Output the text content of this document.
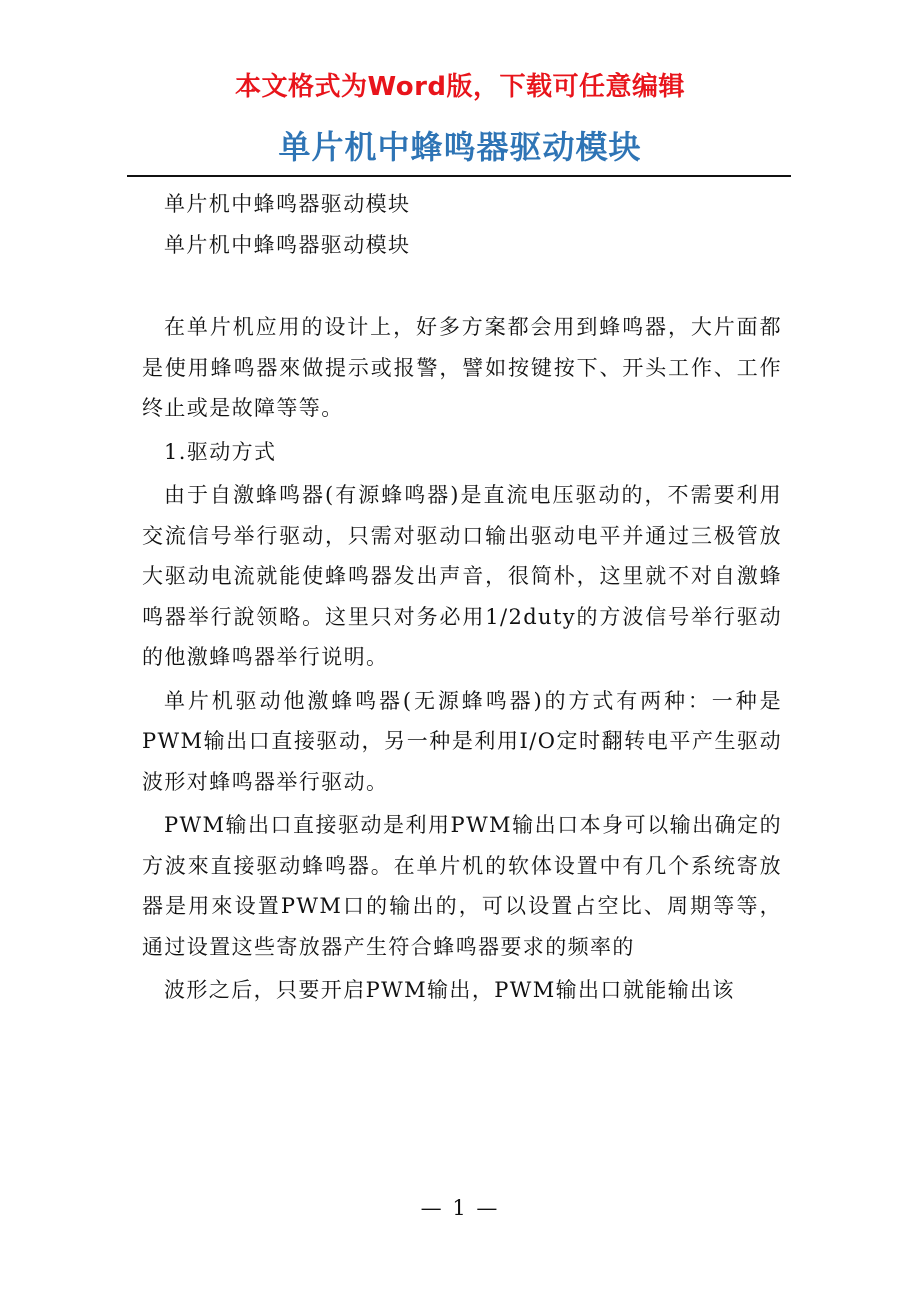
本文格式为Word版，下载可任意编辑
单片机中蜂鸣器驱动模块

单片机中蜂鸣器驱动模块

单片机中蜂鸣器驱动模块

在单片机应用的设计上，好多方案都会用到蜂鸣器，大片面都是使用蜂鸣器來做提示或报警，譬如按键按下、开头工作、工作终止或是故障等等。

1.驱动方式

由于自激蜂鸣器(有源蜂鸣器)是直流电压驱动的，不需要利用交流信号举行驱动，只需对驱动口输出驱动电平并通过三极管放大驱动电流就能使蜂鸣器发出声音，很简朴，这里就不对自激蜂鸣器举行說领略。这里只对务必用1/2duty的方波信号举行驱动的他激蜂鸣器举行说明。

单片机驱动他激蜂鸣器(无源蜂鸣器)的方式有两种：一种是PWM输出口直接驱动，另一种是利用I/O定时翻转电平产生驱动波形对蜂鸣器举行驱动。

PWM输出口直接驱动是利用PWM输出口本身可以输出确定的方波來直接驱动蜂鸣器。在单片机的软体设置中有几个系统寄放器是用來设置PWM口的输出的，可以设置占空比、周期等等，通过设置这些寄放器产生符合蜂鸣器要求的频率的

波形之后，只要开启PWM输出，PWM输出口就能输出该

— 1 —
